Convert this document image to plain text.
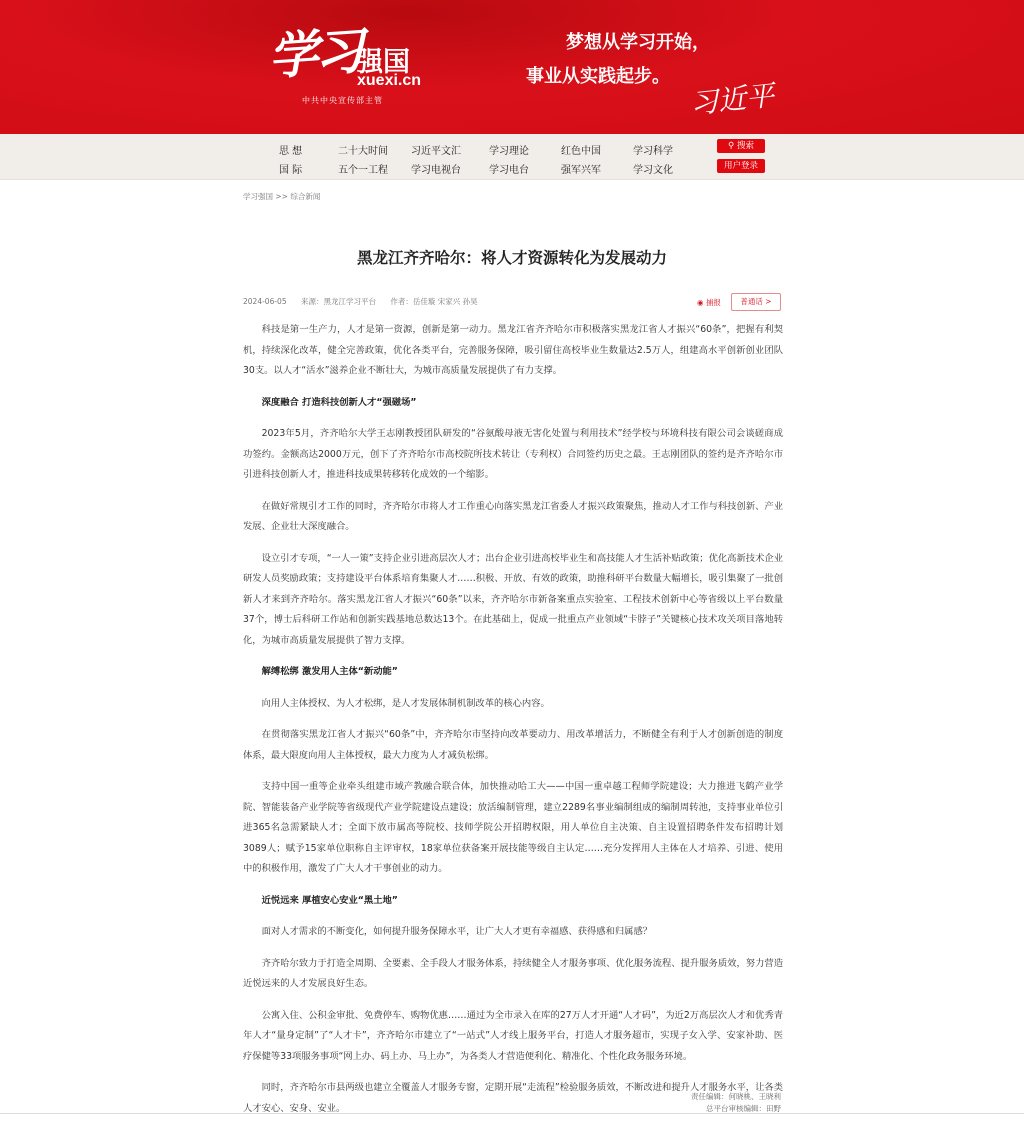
学习
强国
xuexi.cn
中共中央宣传部主管
梦想从学习开始，
事业从实践起步。
习近平
思 想	二十大时间 习近平文汇	学习理论	红色中国	学习科学
国 际	五个一工程 学习电视台	学习电台	强军兴军	学习文化
⚲ 搜索
用户登录
学习强国 >> 综合新闻
黑龙江齐齐哈尔：将人才资源转化为发展动力
2024-06-05 来源：黑龙江学习平台 作者：岳佳璇 宋家兴 孙昊	◉ 捕报	普通话 >

科技是第一生产力，人才是第一资源，创新是第一动力。黑龙江省齐齐哈尔市积极落实黑龙江省人才振兴“60条”，把握有利契机，持续深化改革，健全完善政策，优化各类平台，完善服务保障，吸引留住高校毕业生数量达2.5万人，组建高水平创新创业团队30支。以人才“活水”滋养企业不断壮大，为城市高质量发展提供了有力支撑。

深度融合 打造科技创新人才“强磁场”

2023年5月，齐齐哈尔大学王志刚教授团队研发的“谷氨酸母液无害化处置与利用技术”经学校与环境科技有限公司会谈磋商成功签约。金额高达2000万元，创下了齐齐哈尔市高校院所技术转让（专利权）合同签约历史之最。王志刚团队的签约是齐齐哈尔市引进科技创新人才，推进科技成果转移转化成效的一个缩影。

在做好常规引才工作的同时，齐齐哈尔市将人才工作重心向落实黑龙江省委人才振兴政策聚焦，推动人才工作与科技创新、产业发展、企业壮大深度融合。

设立引才专项，“一人一策”支持企业引进高层次人才；出台企业引进高校毕业生和高技能人才生活补贴政策；优化高新技术企业研发人员奖励政策；支持建设平台体系培育集聚人才……积极、开放、有效的政策，助推科研平台数量大幅增长，吸引集聚了一批创新人才来到齐齐哈尔。落实黑龙江省人才振兴“60条”以来，齐齐哈尔市新备案重点实验室、工程技术创新中心等省级以上平台数量37个，博士后科研工作站和创新实践基地总数达13个。在此基础上，促成一批重点产业领域“卡脖子”关键核心技术攻关项目落地转化，为城市高质量发展提供了智力支撑。

解缚松绑 激发用人主体“新动能”

向用人主体授权、为人才松绑，是人才发展体制机制改革的核心内容。

在贯彻落实黑龙江省人才振兴“60条”中，齐齐哈尔市坚持向改革要动力、用改革增活力，不断健全有利于人才创新创造的制度体系，最大限度向用人主体授权，最大力度为人才减负松绑。

支持中国一重等企业牵头组建市域产教融合联合体，加快推动哈工大——中国一重卓越工程师学院建设；大力推进飞鹤产业学院、智能装备产业学院等省级现代产业学院建设点建设；放活编制管理，建立2289名事业编制组成的编制周转池，支持事业单位引进365名急需紧缺人才；全面下放市属高等院校、技师学院公开招聘权限，用人单位自主决策、自主设置招聘条件发布招聘计划3089人；赋予15家单位职称自主评审权，18家单位获备案开展技能等级自主认定……充分发挥用人主体在人才培养、引进、使用中的积极作用，激发了广大人才干事创业的动力。

近悦远来 厚植安心安业“黑土地”

面对人才需求的不断变化，如何提升服务保障水平，让广大人才更有幸福感、获得感和归属感？

齐齐哈尔致力于打造全周期、全要素、全手段人才服务体系，持续健全人才服务事项、优化服务流程、提升服务质效，努力营造近悦远来的人才发展良好生态。

公寓入住、公积金审批、免费停车、购物优惠……通过为全市录入在库的27万人才开通“人才码”，为近2万高层次人才和优秀青年人才“量身定制”了“人才卡”，齐齐哈尔市建立了“一站式”人才线上服务平台，打造人才服务超市，实现子女入学、安家补助、医疗保健等33项服务事项“网上办、码上办、马上办”，为各类人才营造便利化、精准化、个性化政务服务环境。

同时，齐齐哈尔市县两级也建立全覆盖人才服务专窗，定期开展“走流程”检验服务质效，不断改进和提升人才服务水平，让各类人才安心、安身、安业。

责任编辑：何晓桃、王晓利
总平台审核编辑：田野
